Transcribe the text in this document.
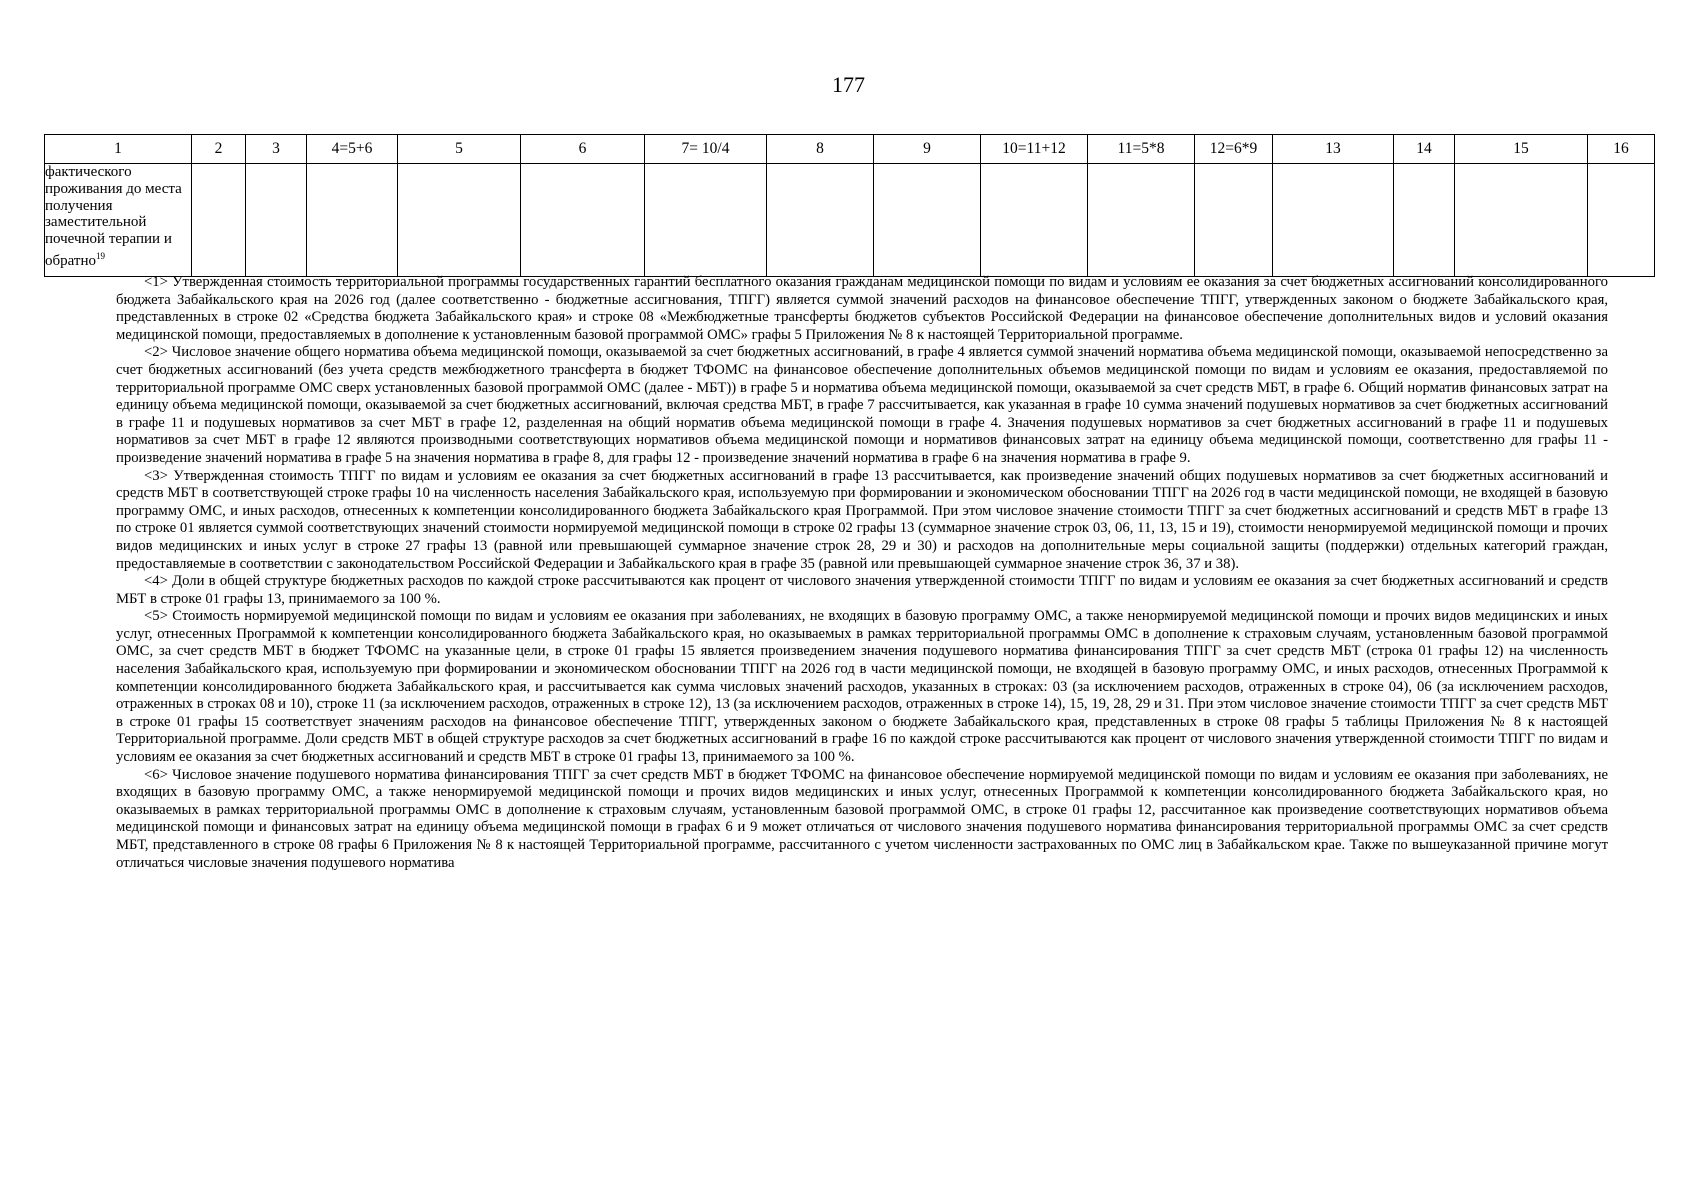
177
1	2	3	4=5+6	5	6	7= 10/4	8	9	10=11+12	11=5*8	12=6*9	13	14	15	16
фактического проживания до места получения заместительной почечной терапии и обратно$^{19}$															

<1> Утвержденная стоимость территориальной программы государственных гарантий бесплатного оказания гражданам медицинской помощи по видам и условиям ее оказания за счет бюджетных ассигнований консолидированного бюджета Забайкальского края на 2026 год (далее соответственно - бюджетные ассигнования, ТПГГ) является суммой значений расходов на финансовое обеспечение ТПГГ, утвержденных законом о бюджете Забайкальского края, представленных в строке 02 «Средства бюджета Забайкальского края» и строке 08 «Межбюджетные трансферты бюджетов субъектов Российской Федерации на финансовое обеспечение дополнительных видов и условий оказания медицинской помощи, предоставляемых в дополнение к установленным базовой программой ОМС» графы 5 Приложения № 8 к настоящей Территориальной программе.

<2> Числовое значение общего норматива объема медицинской помощи, оказываемой за счет бюджетных ассигнований, в графе 4 является суммой значений норматива объема медицинской помощи, оказываемой непосредственно за счет бюджетных ассигнований (без учета средств межбюджетного трансферта в бюджет ТФОМС на финансовое обеспечение дополнительных объемов медицинской помощи по видам и условиям ее оказания, предоставляемой по территориальной программе ОМС сверх установленных базовой программой ОМС (далее - МБТ)) в графе 5 и норматива объема медицинской помощи, оказываемой за счет средств МБТ, в графе 6. Общий норматив финансовых затрат на единицу объема медицинской помощи, оказываемой за счет бюджетных ассигнований, включая средства МБТ, в графе 7 рассчитывается, как указанная в графе 10 сумма значений подушевых нормативов за счет бюджетных ассигнований в графе 11 и подушевых нормативов за счет МБТ в графе 12, разделенная на общий норматив объема медицинской помощи в графе 4. Значения подушевых нормативов за счет бюджетных ассигнований в графе 11 и подушевых нормативов за счет МБТ в графе 12 являются производными соответствующих нормативов объема медицинской помощи и нормативов финансовых затрат на единицу объема медицинской помощи, соответственно для графы 11 - произведение значений норматива в графе 5 на значения норматива в графе 8, для графы 12 - произведение значений норматива в графе 6 на значения норматива в графе 9.

<3> Утвержденная стоимость ТПГГ по видам и условиям ее оказания за счет бюджетных ассигнований в графе 13 рассчитывается, как произведение значений общих подушевых нормативов за счет бюджетных ассигнований и средств МБТ в соответствующей строке графы 10 на численность населения Забайкальского края, используемую при формировании и экономическом обосновании ТПГГ на 2026 год в части медицинской помощи, не входящей в базовую программу ОМС, и иных расходов, отнесенных к компетенции консолидированного бюджета Забайкальского края Программой. При этом числовое значение стоимости ТПГГ за счет бюджетных ассигнований и средств МБТ в графе 13 по строке 01 является суммой соответствующих значений стоимости нормируемой медицинской помощи в строке 02 графы 13 (суммарное значение строк 03, 06, 11, 13, 15 и 19), стоимости ненормируемой медицинской помощи и прочих видов медицинских и иных услуг в строке 27 графы 13 (равной или превышающей суммарное значение строк 28, 29 и 30) и расходов на дополнительные меры социальной защиты (поддержки) отдельных категорий граждан, предоставляемые в соответствии с законодательством Российской Федерации и Забайкальского края в графе 35 (равной или превышающей суммарное значение строк 36, 37 и 38).

<4> Доли в общей структуре бюджетных расходов по каждой строке рассчитываются как процент от числового значения утвержденной стоимости ТПГГ по видам и условиям ее оказания за счет бюджетных ассигнований и средств МБТ в строке 01 графы 13, принимаемого за 100 %.

<5> Стоимость нормируемой медицинской помощи по видам и условиям ее оказания при заболеваниях, не входящих в базовую программу ОМС, а также ненормируемой медицинской помощи и прочих видов медицинских и иных услуг, отнесенных Программой к компетенции консолидированного бюджета Забайкальского края, но оказываемых в рамках территориальной программы ОМС в дополнение к страховым случаям, установленным базовой программой ОМС, за счет средств МБТ в бюджет ТФОМС на указанные цели, в строке 01 графы 15 является произведением значения подушевого норматива финансирования ТПГГ за счет средств МБТ (строка 01 графы 12) на численность населения Забайкальского края, используемую при формировании и экономическом обосновании ТПГГ на 2026 год в части медицинской помощи, не входящей в базовую программу ОМС, и иных расходов, отнесенных Программой к компетенции консолидированного бюджета Забайкальского края, и рассчитывается как сумма числовых значений расходов, указанных в строках: 03 (за исключением расходов, отраженных в строке 04), 06 (за исключением расходов, отраженных в строках 08 и 10), строке 11 (за исключением расходов, отраженных в строке 12), 13 (за исключением расходов, отраженных в строке 14), 15, 19, 28, 29 и 31. При этом числовое значение стоимости ТПГГ за счет средств МБТ в строке 01 графы 15 соответствует значениям расходов на финансовое обеспечение ТПГГ, утвержденных законом о бюджете Забайкальского края, представленных в строке 08 графы 5 таблицы Приложения № 8 к настоящей Территориальной программе. Доли средств МБТ в общей структуре расходов за счет бюджетных ассигнований в графе 16 по каждой строке рассчитываются как процент от числового значения утвержденной стоимости ТПГГ по видам и условиям ее оказания за счет бюджетных ассигнований и средств МБТ в строке 01 графы 13, принимаемого за 100 %.

<6> Числовое значение подушевого норматива финансирования ТПГГ за счет средств МБТ в бюджет ТФОМС на финансовое обеспечение нормируемой медицинской помощи по видам и условиям ее оказания при заболеваниях, не входящих в базовую программу ОМС, а также ненормируемой медицинской помощи и прочих видов медицинских и иных услуг, отнесенных Программой к компетенции консолидированного бюджета Забайкальского края, но оказываемых в рамках территориальной программы ОМС в дополнение к страховым случаям, установленным базовой программой ОМС, в строке 01 графы 12, рассчитанное как произведение соответствующих нормативов объема медицинской помощи и финансовых затрат на единицу объема медицинской помощи в графах 6 и 9 может отличаться от числового значения подушевого норматива финансирования территориальной программы ОМС за счет средств МБТ, представленного в строке 08 графы 6 Приложения № 8 к настоящей Территориальной программе, рассчитанного с учетом численности застрахованных по ОМС лиц в Забайкальском крае. Также по вышеуказанной причине могут отличаться числовые значения подушевого норматива
